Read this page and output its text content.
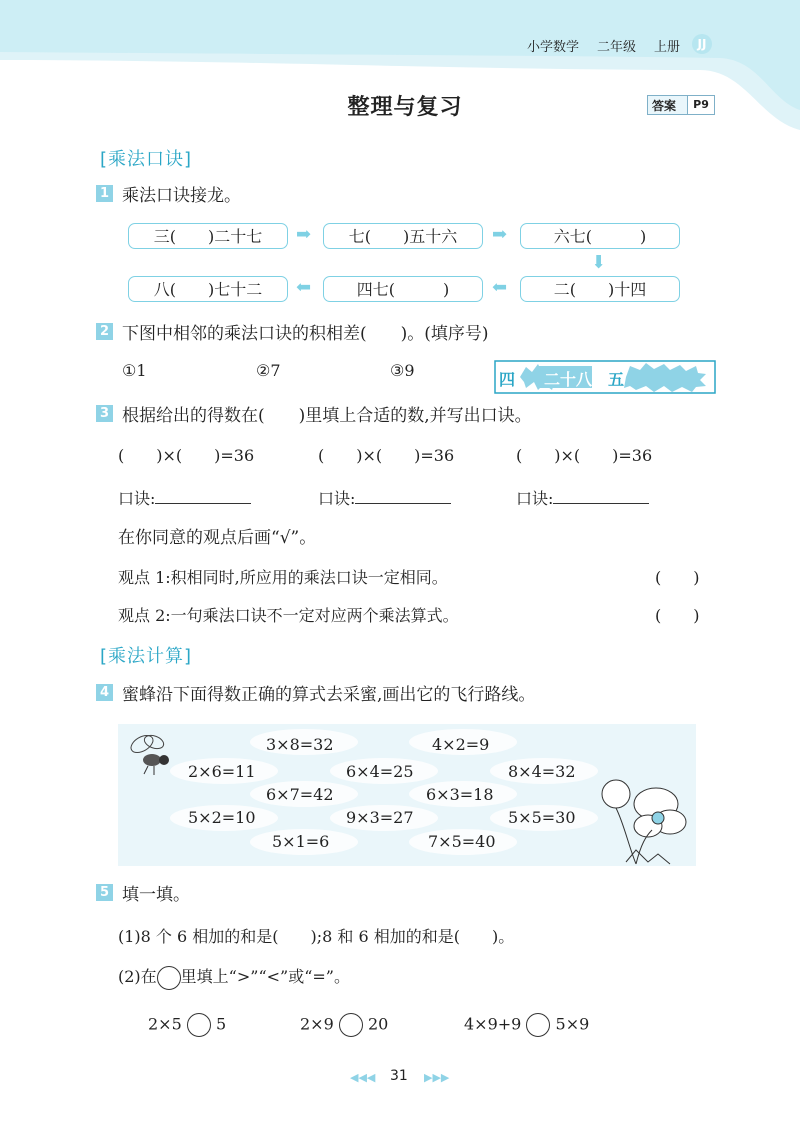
小学数学 二年级 上册	JJ
整理与复习	答案	P9
[乘法口诀]
1 乘法口诀接龙。
三(　　)二十七	➡	七(　　)五十六	➡	六七(　　　)
⬇
八(　　)七十二	⬅	四七(　　　)	⬅	二(　　)十四
2 下图中相邻的乘法口诀的积相差(　　)。(填序号)
①1	②7	③9	四 二十八 五
3 根据给出的得数在(　　)里填上合适的数,并写出口诀。
(　　)×(　　)=36	(　　)×(　　)=36	(　　)×(　　)=36
口诀:	口诀:	口诀:
在你同意的观点后画“√”。
观点 1:积相同时,所应用的乘法口诀一定相同。	(　　)
观点 2:一句乘法口诀不一定对应两个乘法算式。	(　　)
[乘法计算]
4 蜜蜂沿下面得数正确的算式去采蜜,画出它的飞行路线。
3×8=32	4×2=9
2×6=11	6×4=25	8×4=32
6×7=42	6×3=18
5×2=10	9×3=27	5×5=30
5×1=6	7×5=40
5 填一填。
(1)8 个 6 相加的和是(　　);8 和 6 相加的和是(　　)。
(2)在 里填上“>”“<”或“=”。
2×5 5	2×9 20	4×9+9 5×9
◀◀◀ 31 ▶▶▶
